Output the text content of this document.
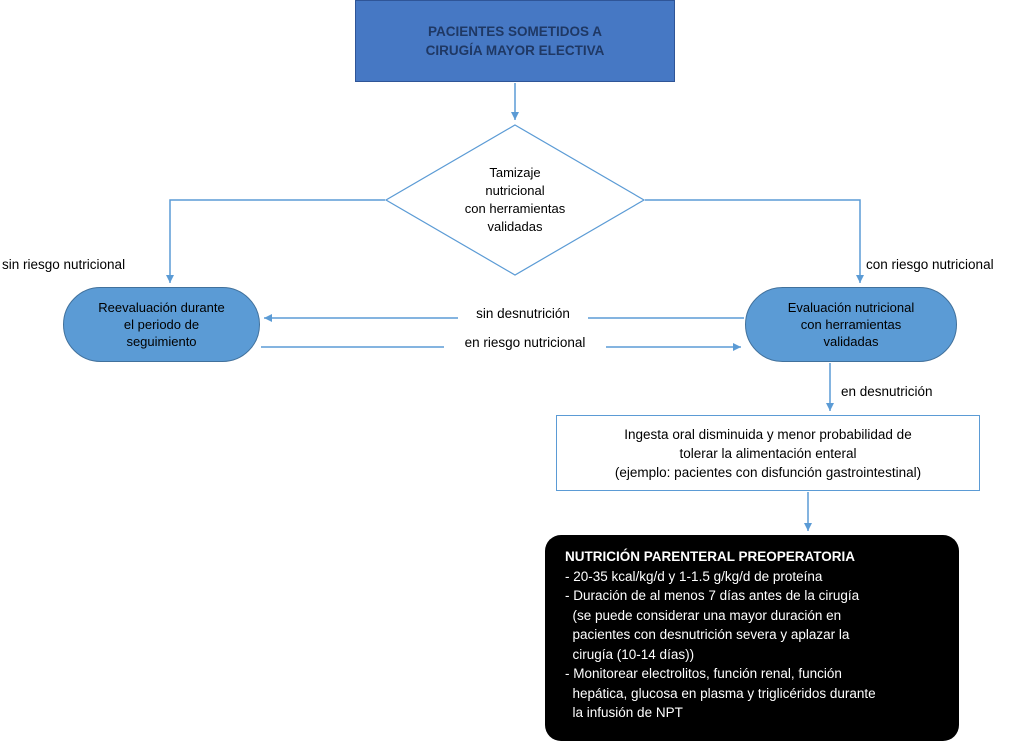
PACIENTES SOMETIDOS A
CIRUGÍA MAYOR ELECTIVA
Tamizaje
nutricional
con herramientas
validadas
Reevaluación durante
el periodo de
seguimiento
Evaluación nutricional
con herramientas
validadas
Ingesta oral disminuida y menor probabilidad de
tolerar la alimentación enteral
(ejemplo: pacientes con disfunción gastrointestinal)
NUTRICIÓN PARENTERAL PREOPERATORIA
- 20-35 kcal/kg/d y 1-1.5 g/kg/d de proteína
- Duración de al menos 7 días antes de la cirugía
(se puede considerar una mayor duración en
pacientes con desnutrición severa y aplazar la
cirugía (10-14 días))
- Monitorear electrolitos, función renal, función
hepática, glucosa en plasma y triglicéridos durante
la infusión de NPT
sin riesgo nutricional	con riesgo nutricional
sin desnutrición
en riesgo nutricional
en desnutrición
